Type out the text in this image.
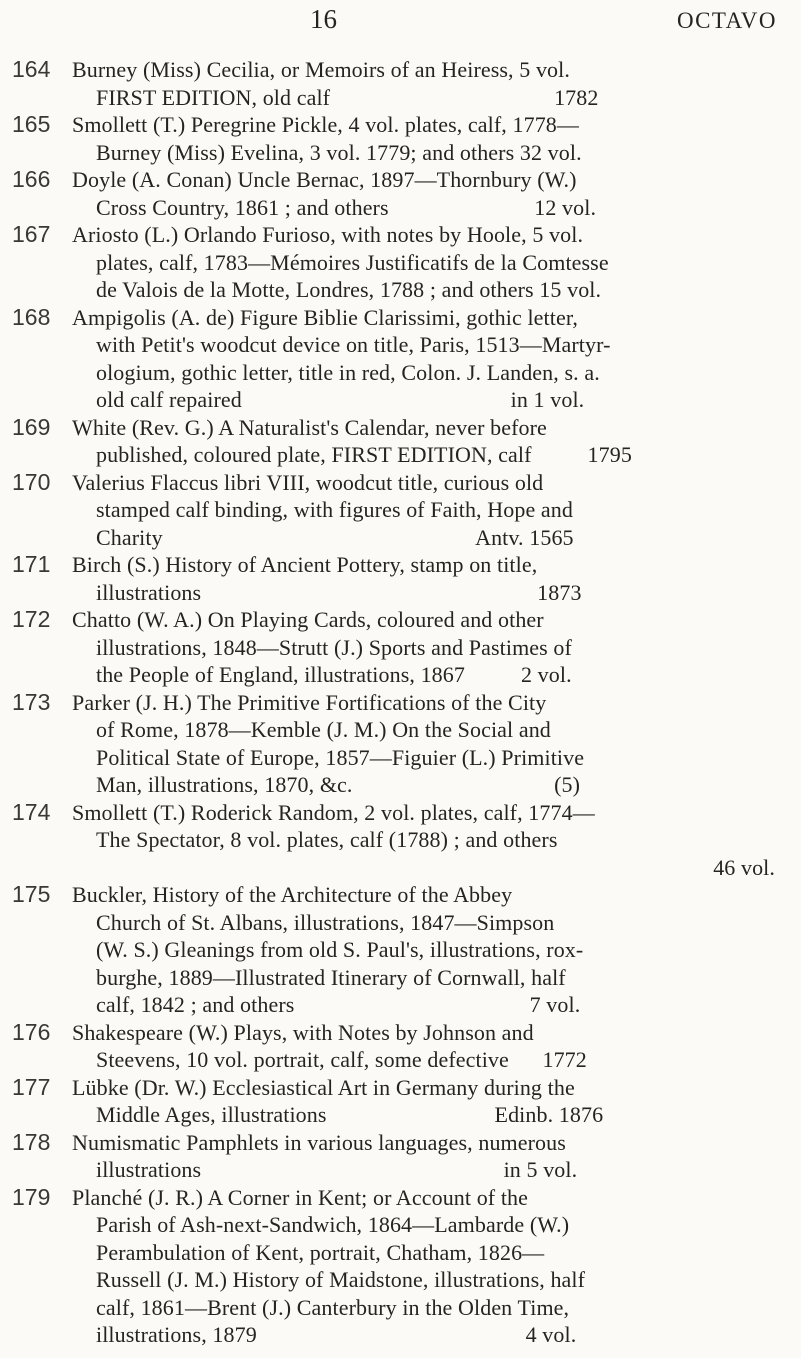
16	OCTAVO
164 Burney (Miss) Cecilia, or Memoirs of an Heiress, 5 vol.
FIRST EDITION, old calf                                        1782
165 Smollett (T.) Peregrine Pickle, 4 vol. plates, calf, 1778—
Burney (Miss) Evelina, 3 vol. 1779; and others 32 vol.
166 Doyle (A. Conan) Uncle Bernac, 1897—Thornbury (W.)
Cross Country, 1861 ; and others                          12 vol.
167 Ariosto (L.) Orlando Furioso, with notes by Hoole, 5 vol.
plates, calf, 1783—Mémoires Justificatifs de la Comtesse
de Valois de la Motte, Londres, 1788 ; and others 15 vol.
168 Ampigolis (A. de) Figure Biblie Clarissimi, gothic letter,
with Petit's woodcut device on title, Paris, 1513—Martyr-
ologium, gothic letter, title in red, Colon. J. Landen, s. a.
old calf repaired                                                in 1 vol.
169 White (Rev. G.) A Naturalist's Calendar, never before
published, coloured plate, FIRST EDITION, calf          1795
170 Valerius Flaccus libri VIII, woodcut title, curious old
stamped calf binding, with figures of Faith, Hope and
Charity                                                        Antv. 1565
171 Birch (S.) History of Ancient Pottery, stamp on title,
illustrations                                                            1873
172 Chatto (W. A.) On Playing Cards, coloured and other
illustrations, 1848—Strutt (J.) Sports and Pastimes of
the People of England, illustrations, 1867          2 vol.
173 Parker (J. H.) The Primitive Fortifications of the City
of Rome, 1878—Kemble (J. M.) On the Social and
Political State of Europe, 1857—Figuier (L.) Primitive
Man, illustrations, 1870, &c.                                    (5)
174 Smollett (T.) Roderick Random, 2 vol. plates, calf, 1774—
The Spectator, 8 vol. plates, calf (1788) ; and others
46 vol.
175 Buckler, History of the Architecture of the Abbey
Church of St. Albans, illustrations, 1847—Simpson
(W. S.) Gleanings from old S. Paul's, illustrations, rox-
burghe, 1889—Illustrated Itinerary of Cornwall, half
calf, 1842 ; and others                                          7 vol.
176 Shakespeare (W.) Plays, with Notes by Johnson and
Steevens, 10 vol. portrait, calf, some defective      1772
177 Lübke (Dr. W.) Ecclesiastical Art in Germany during the
Middle Ages, illustrations                              Edinb. 1876
178 Numismatic Pamphlets in various languages, numerous
illustrations                                                      in 5 vol.
179 Planché (J. R.) A Corner in Kent; or Account of the
Parish of Ash-next-Sandwich, 1864—Lambarde (W.)
Perambulation of Kent, portrait, Chatham, 1826—
Russell (J. M.) History of Maidstone, illustrations, half
calf, 1861—Brent (J.) Canterbury in the Olden Time,
illustrations, 1879                                                4 vol.
